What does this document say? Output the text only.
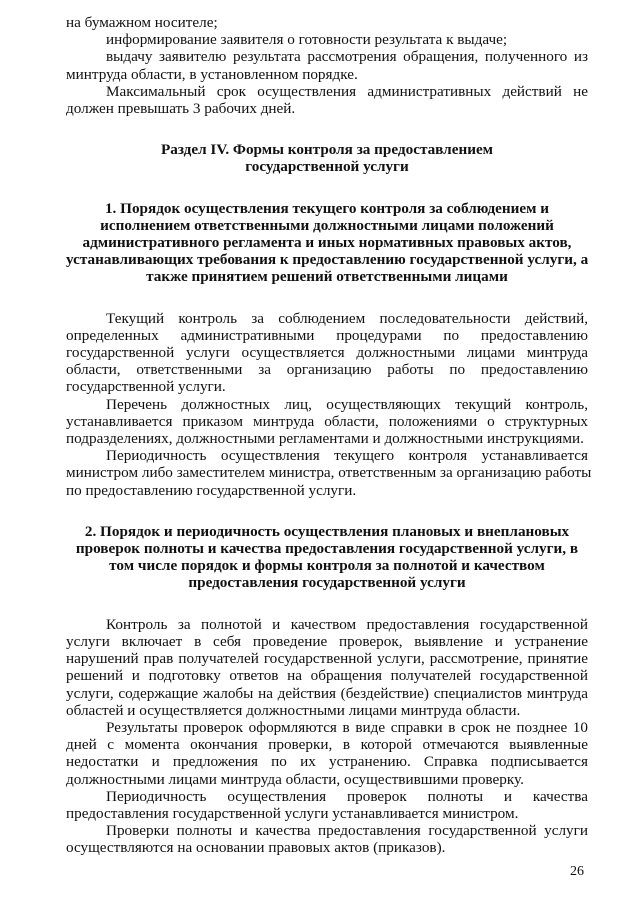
на бумажном носителе;
информирование заявителя о готовности результата к выдаче;
выдачу заявителю результата рассмотрения обращения, полученного из
минтруда области, в установленном порядке.
Максимальный срок осуществления административных действий не
должен превышать 3 рабочих дней.
Раздел IV. Формы контроля за предоставлением
государственной услуги
1. Порядок осуществления текущего контроля за соблюдением и
исполнением ответственными должностными лицами положений
административного регламента и иных нормативных правовых актов,
устанавливающих требования к предоставлению государственной услуги, а
также принятием решений ответственными лицами
Текущий контроль за соблюдением последовательности действий,
определенных административными процедурами по предоставлению
государственной услуги осуществляется должностными лицами минтруда
области, ответственными за организацию работы по предоставлению
государственной услуги.
Перечень должностных лиц, осуществляющих текущий контроль,
устанавливается приказом минтруда области, положениями о структурных
подразделениях, должностными регламентами и должностными инструкциями.
Периодичность осуществления текущего контроля устанавливается
министром либо заместителем министра, ответственным за организацию работы
по предоставлению государственной услуги.
2. Порядок и периодичность осуществления плановых и внеплановых
проверок полноты и качества предоставления государственной услуги, в
том числе порядок и формы контроля за полнотой и качеством
предоставления государственной услуги
Контроль за полнотой и качеством предоставления государственной
услуги включает в себя проведение проверок, выявление и устранение
нарушений прав получателей государственной услуги, рассмотрение, принятие
решений и подготовку ответов на обращения получателей государственной
услуги, содержащие жалобы на действия (бездействие) специалистов минтруда
областей и осуществляется должностными лицами минтруда области.
Результаты проверок оформляются в виде справки в срок не позднее 10
дней с момента окончания проверки, в которой отмечаются выявленные
недостатки и предложения по их устранению. Справка подписывается
должностными лицами минтруда области, осуществившими проверку.
Периодичность осуществления проверок полноты и качества
предоставления государственной услуги устанавливается министром.
Проверки полноты и качества предоставления государственной услуги
осуществляются на основании правовых актов (приказов).
26
